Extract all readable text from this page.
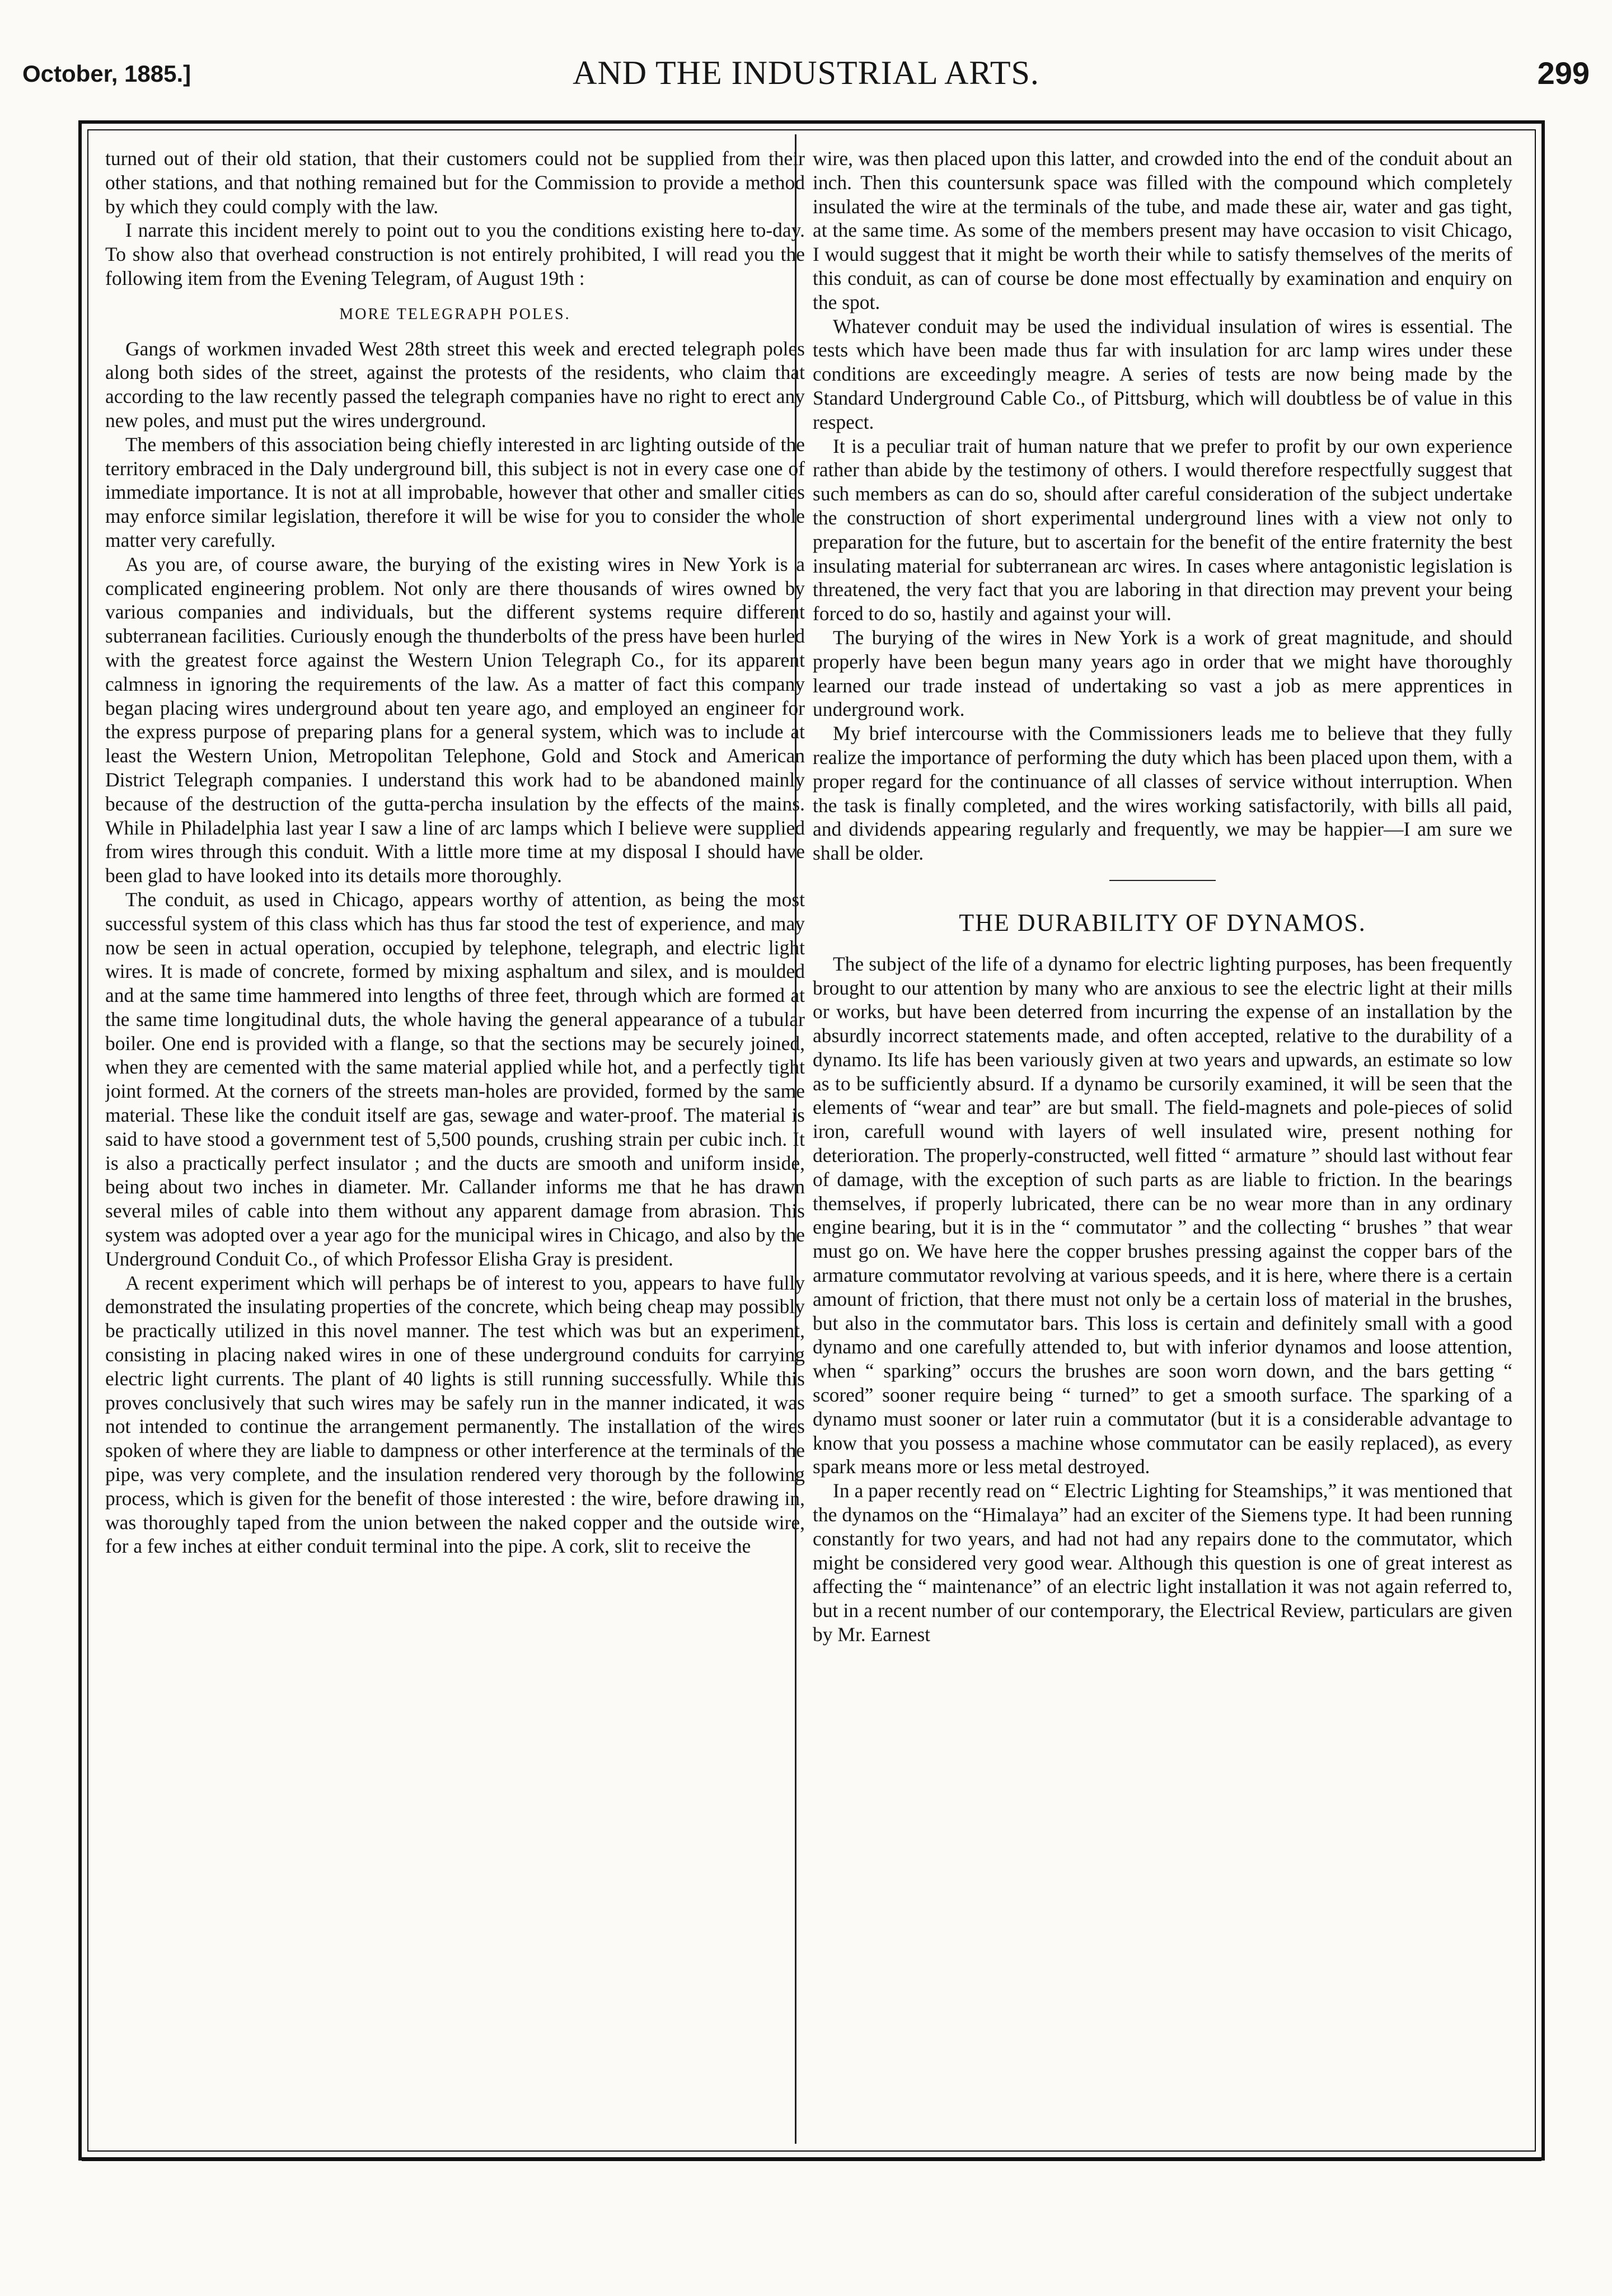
October, 1885.]	AND THE INDUSTRIAL ARTS.	299

turned out of their old station, that their customers could not be supplied from their other stations, and that nothing remained but for the Commission to provide a method by which they could comply with the law.

I narrate this incident merely to point out to you the conditions existing here to-day. To show also that overhead construction is not entirely prohibited, I will read you the following item from the Evening Telegram, of August 19th :

MORE TELEGRAPH POLES.

Gangs of workmen invaded West 28th street this week and erected telegraph poles along both sides of the street, against the protests of the residents, who claim that according to the law recently passed the telegraph companies have no right to erect any new poles, and must put the wires underground.

The members of this association being chiefly interested in arc lighting outside of the territory embraced in the Daly underground bill, this subject is not in every case one of immediate importance. It is not at all improbable, however that other and smaller cities may enforce similar legislation, therefore it will be wise for you to consider the whole matter very carefully.

As you are, of course aware, the burying of the existing wires in New York is a complicated engineering problem. Not only are there thousands of wires owned by various companies and individuals, but the different systems require different subterranean facilities. Curiously enough the thunderbolts of the press have been hurled with the greatest force against the Western Union Telegraph Co., for its apparent calmness in ignoring the requirements of the law. As a matter of fact this company began placing wires underground about ten yeare ago, and employed an engineer for the express purpose of preparing plans for a general system, which was to include at least the Western Union, Metropolitan Telephone, Gold and Stock and American District Telegraph companies. I understand this work had to be abandoned mainly because of the destruction of the gutta-percha insulation by the effects of the mains. While in Philadelphia last year I saw a line of arc lamps which I believe were supplied from wires through this conduit. With a little more time at my disposal I should have been glad to have looked into its details more thoroughly.

The conduit, as used in Chicago, appears worthy of attention, as being the most successful system of this class which has thus far stood the test of experience, and may now be seen in actual operation, occupied by telephone, telegraph, and electric light wires. It is made of concrete, formed by mixing asphaltum and silex, and is moulded and at the same time hammered into lengths of three feet, through which are formed at the same time longitudinal duts, the whole having the general appearance of a tubular boiler. One end is provided with a flange, so that the sections may be securely joined, when they are cemented with the same material applied while hot, and a perfectly tight joint formed. At the corners of the streets man-holes are provided, formed by the same material. These like the conduit itself are gas, sewage and water-proof. The material is said to have stood a government test of 5,500 pounds, crushing strain per cubic inch. It is also a practically perfect insulator ; and the ducts are smooth and uniform inside, being about two inches in diameter. Mr. Callander informs me that he has drawn several miles of cable into them without any apparent damage from abrasion. This system was adopted over a year ago for the municipal wires in Chicago, and also by the Underground Conduit Co., of which Professor Elisha Gray is president.

A recent experiment which will perhaps be of interest to you, appears to have fully demonstrated the insulating properties of the concrete, which being cheap may possibly be practically utilized in this novel manner. The test which was but an experiment, consisting in placing naked wires in one of these underground conduits for carrying electric light currents. The plant of 40 lights is still running successfully. While this proves conclusively that such wires may be safely run in the manner indicated, it was not intended to continue the arrangement permanently. The installation of the wires spoken of where they are liable to dampness or other interference at the terminals of the pipe, was very complete, and the insulation rendered very thorough by the following process, which is given for the benefit of those interested : the wire, before drawing in, was thoroughly taped from the union between the naked copper and the outside wire, for a few inches at either conduit terminal into the pipe. A cork, slit to receive the

wire, was then placed upon this latter, and crowded into the end of the conduit about an inch. Then this countersunk space was filled with the compound which completely insulated the wire at the terminals of the tube, and made these air, water and gas tight, at the same time. As some of the members present may have occasion to visit Chicago, I would suggest that it might be worth their while to satisfy themselves of the merits of this conduit, as can of course be done most effectually by examination and enquiry on the spot.

Whatever conduit may be used the individual insulation of wires is essential. The tests which have been made thus far with insulation for arc lamp wires under these conditions are exceedingly meagre. A series of tests are now being made by the Standard Underground Cable Co., of Pittsburg, which will doubtless be of value in this respect.

It is a peculiar trait of human nature that we prefer to profit by our own experience rather than abide by the testimony of others. I would therefore respectfully suggest that such members as can do so, should after careful consideration of the subject undertake the construction of short experimental underground lines with a view not only to preparation for the future, but to ascertain for the benefit of the entire fraternity the best insulating material for subterranean arc wires. In cases where antagonistic legislation is threatened, the very fact that you are laboring in that direction may prevent your being forced to do so, hastily and against your will.

The burying of the wires in New York is a work of great magnitude, and should properly have been begun many years ago in order that we might have thoroughly learned our trade instead of undertaking so vast a job as mere apprentices in underground work.

My brief intercourse with the Commissioners leads me to believe that they fully realize the importance of performing the duty which has been placed upon them, with a proper regard for the continuance of all classes of service without interruption. When the task is finally completed, and the wires working satisfactorily, with bills all paid, and dividends appearing regularly and frequently, we may be happier—I am sure we shall be older.

THE DURABILITY OF DYNAMOS.

The subject of the life of a dynamo for electric lighting purposes, has been frequently brought to our attention by many who are anxious to see the electric light at their mills or works, but have been deterred from incurring the expense of an installation by the absurdly incorrect statements made, and often accepted, relative to the durability of a dynamo. Its life has been variously given at two years and upwards, an estimate so low as to be sufficiently absurd. If a dynamo be cursorily examined, it will be seen that the elements of “wear and tear” are but small. The field-magnets and pole-pieces of solid iron, carefull wound with layers of well insulated wire, present nothing for deterioration. The properly-constructed, well fitted “ armature ” should last without fear of damage, with the exception of such parts as are liable to friction. In the bearings themselves, if properly lubricated, there can be no wear more than in any ordinary engine bearing, but it is in the “ commutator ” and the collecting “ brushes ” that wear must go on. We have here the copper brushes pressing against the copper bars of the armature commutator revolving at various speeds, and it is here, where there is a certain amount of friction, that there must not only be a certain loss of material in the brushes, but also in the commutator bars. This loss is certain and definitely small with a good dynamo and one carefully attended to, but with inferior dynamos and loose attention, when “ sparking” occurs the brushes are soon worn down, and the bars getting “ scored” sooner require being “ turned” to get a smooth surface. The sparking of a dynamo must sooner or later ruin a commutator (but it is a considerable advantage to know that you possess a machine whose commutator can be easily replaced), as every spark means more or less metal destroyed.

In a paper recently read on “ Electric Lighting for Steamships,” it was mentioned that the dynamos on the “Himalaya” had an exciter of the Siemens type. It had been running constantly for two years, and had not had any repairs done to the commutator, which might be considered very good wear. Although this question is one of great interest as affecting the “ maintenance” of an electric light installation it was not again referred to, but in a recent number of our contemporary, the Electrical Review, particulars are given by Mr. Earnest
